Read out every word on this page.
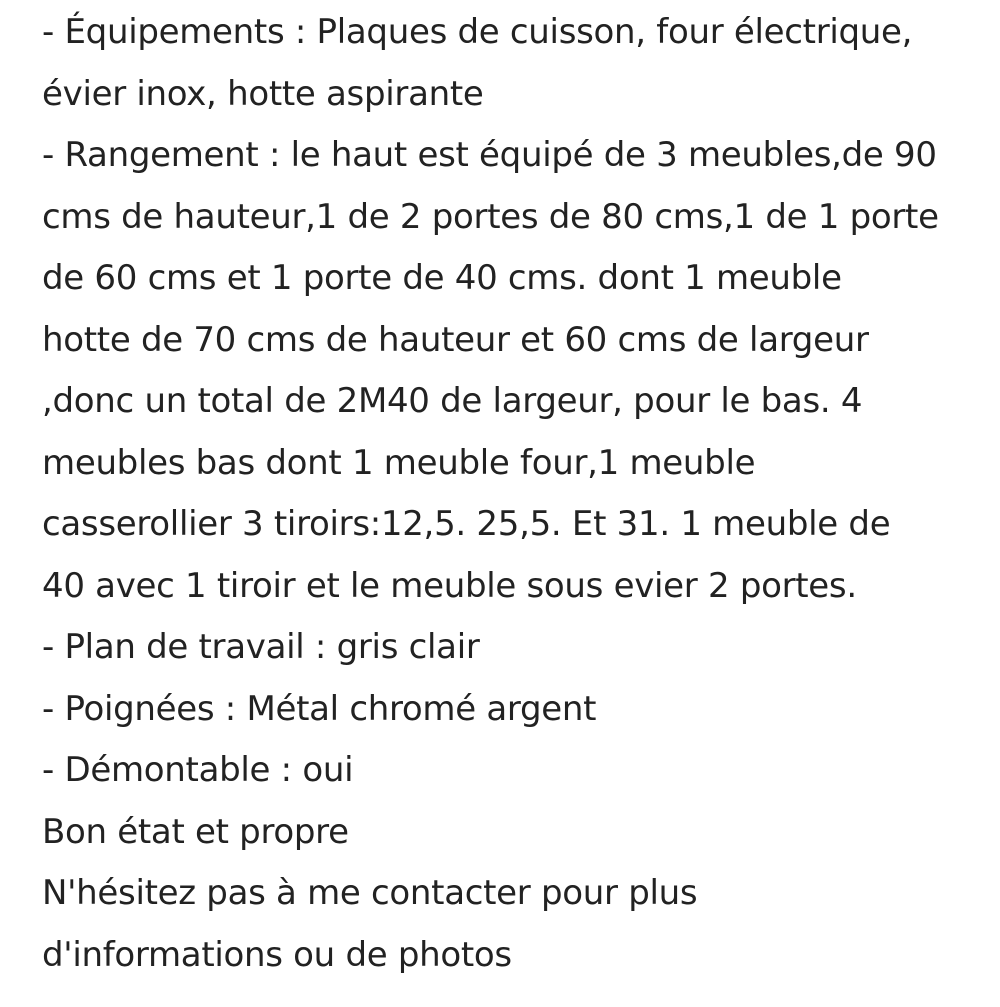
- Équipements : Plaques de cuisson, four électrique,
évier inox, hotte aspirante
- Rangement : le haut est équipé de 3 meubles,de 90
cms de hauteur,1 de 2 portes de 80 cms,1 de 1 porte
de 60 cms et 1 porte de 40 cms. dont 1 meuble
hotte de 70 cms de hauteur et 60 cms de largeur
,donc un total de 2M40 de largeur, pour le bas. 4
meubles bas dont 1 meuble four,1 meuble
casserollier 3 tiroirs:12,5. 25,5. Et 31. 1 meuble de
40 avec 1 tiroir et le meuble sous evier 2 portes.
- Plan de travail : gris clair
- Poignées : Métal chromé argent
- Démontable : oui
Bon état et propre
N'hésitez pas à me contacter pour plus
d'informations ou de photos
